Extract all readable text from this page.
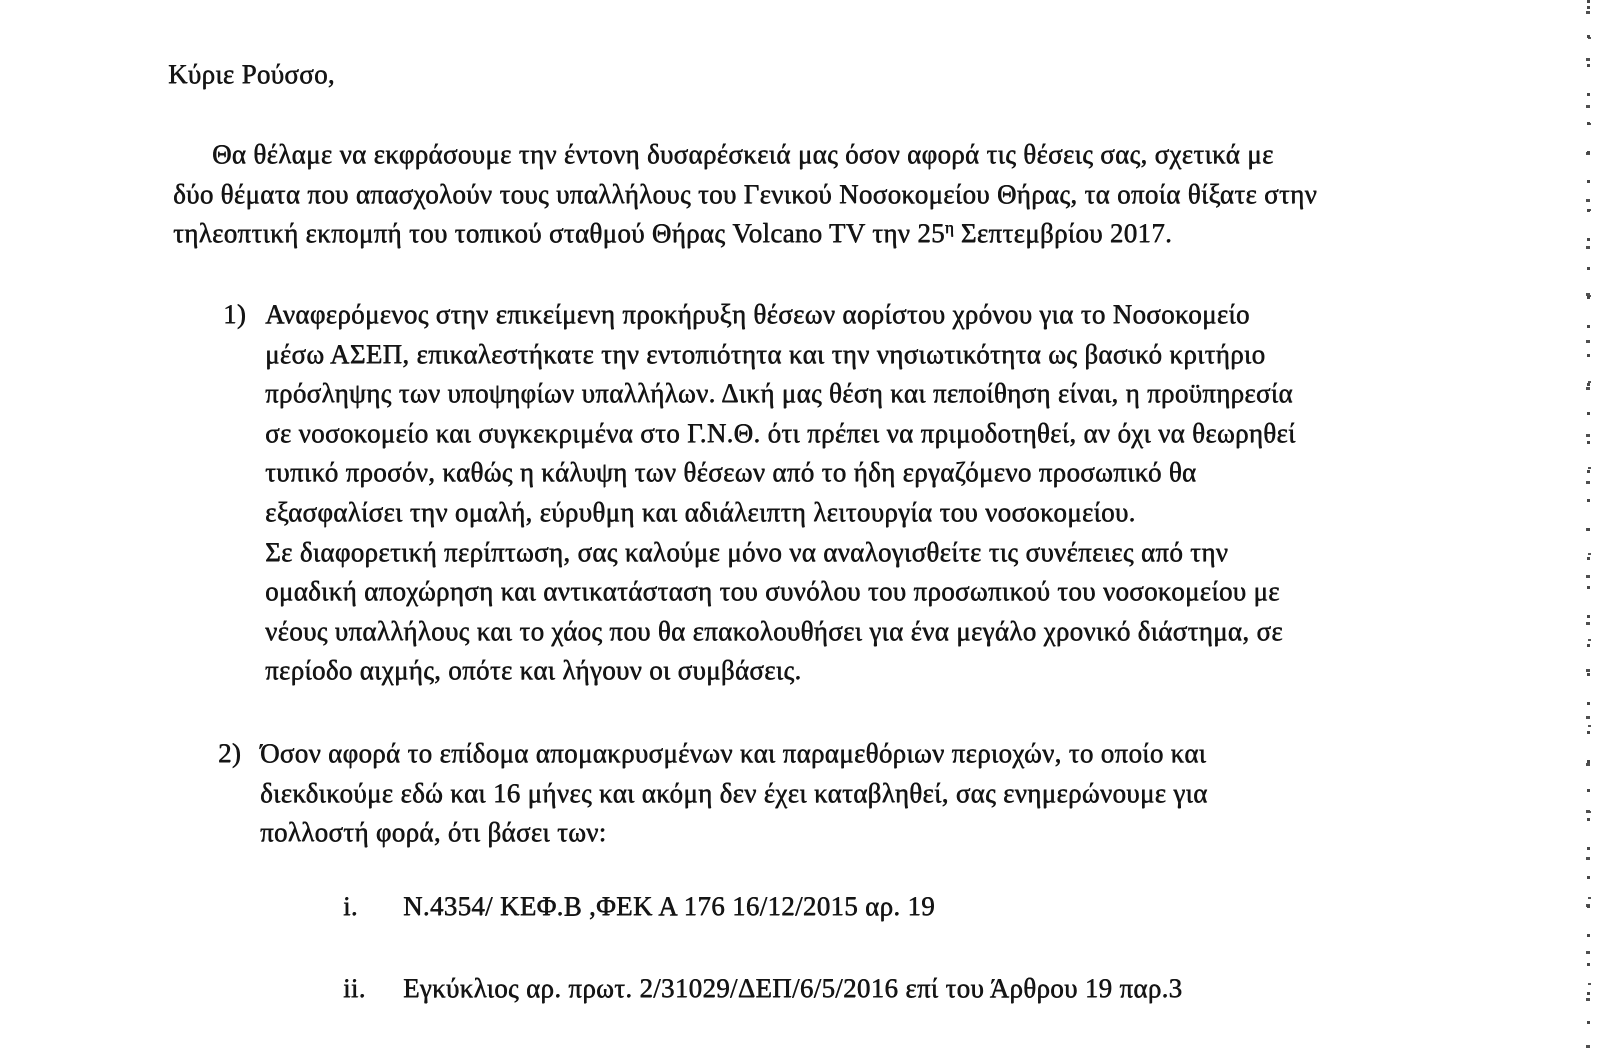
Κύριε Ρούσσο,
Θα θέλαμε να εκφράσουμε την έντονη δυσαρέσκειά μας όσον αφορά τις θέσεις σας, σχετικά με
δύο θέματα που απασχολούν τους υπαλλήλους του Γενικού Νοσοκομείου Θήρας, τα οποία θίξατε στην
τηλεοπτική εκπομπή του τοπικού σταθμού Θήρας Volcano TV την $25^\eta$ Σεπτεμβρίου 2017.
1) Αναφερόμενος στην επικείμενη προκήρυξη θέσεων αορίστου χρόνου για το Νοσοκομείο
μέσω ΑΣΕΠ, επικαλεστήκατε την εντοπιότητα και την νησιωτικότητα ως βασικό κριτήριο
πρόσληψης των υποψηφίων υπαλλήλων. Δική μας θέση και πεποίθηση είναι, η προϋπηρεσία
σε νοσοκομείο και συγκεκριμένα στο Γ.Ν.Θ. ότι πρέπει να πριμοδοτηθεί, αν όχι να θεωρηθεί
τυπικό προσόν, καθώς η κάλυψη των θέσεων από το ήδη εργαζόμενο προσωπικό θα
εξασφαλίσει την ομαλή, εύρυθμη και αδιάλειπτη λειτουργία του νοσοκομείου.
Σε διαφορετική περίπτωση, σας καλούμε μόνο να αναλογισθείτε τις συνέπειες από την
ομαδική αποχώρηση και αντικατάσταση του συνόλου του προσωπικού του νοσοκομείου με
νέους υπαλλήλους και το χάος που θα επακολουθήσει για ένα μεγάλο χρονικό διάστημα, σε
περίοδο αιχμής, οπότε και λήγουν οι συμβάσεις.
2) Όσον αφορά το επίδομα απομακρυσμένων και παραμεθόριων περιοχών, το οποίο και
διεκδικούμε εδώ και 16 μήνες και ακόμη δεν έχει καταβληθεί, σας ενημερώνουμε για
πολλοστή φορά, ότι βάσει των:
i. Ν.4354/ ΚΕΦ.Β ,ΦΕΚ Α 176 16/12/2015 αρ. 19
ii. Εγκύκλιος αρ. πρωτ. 2/31029/ΔΕΠ/6/5/2016 επί του Άρθρου 19 παρ.3
